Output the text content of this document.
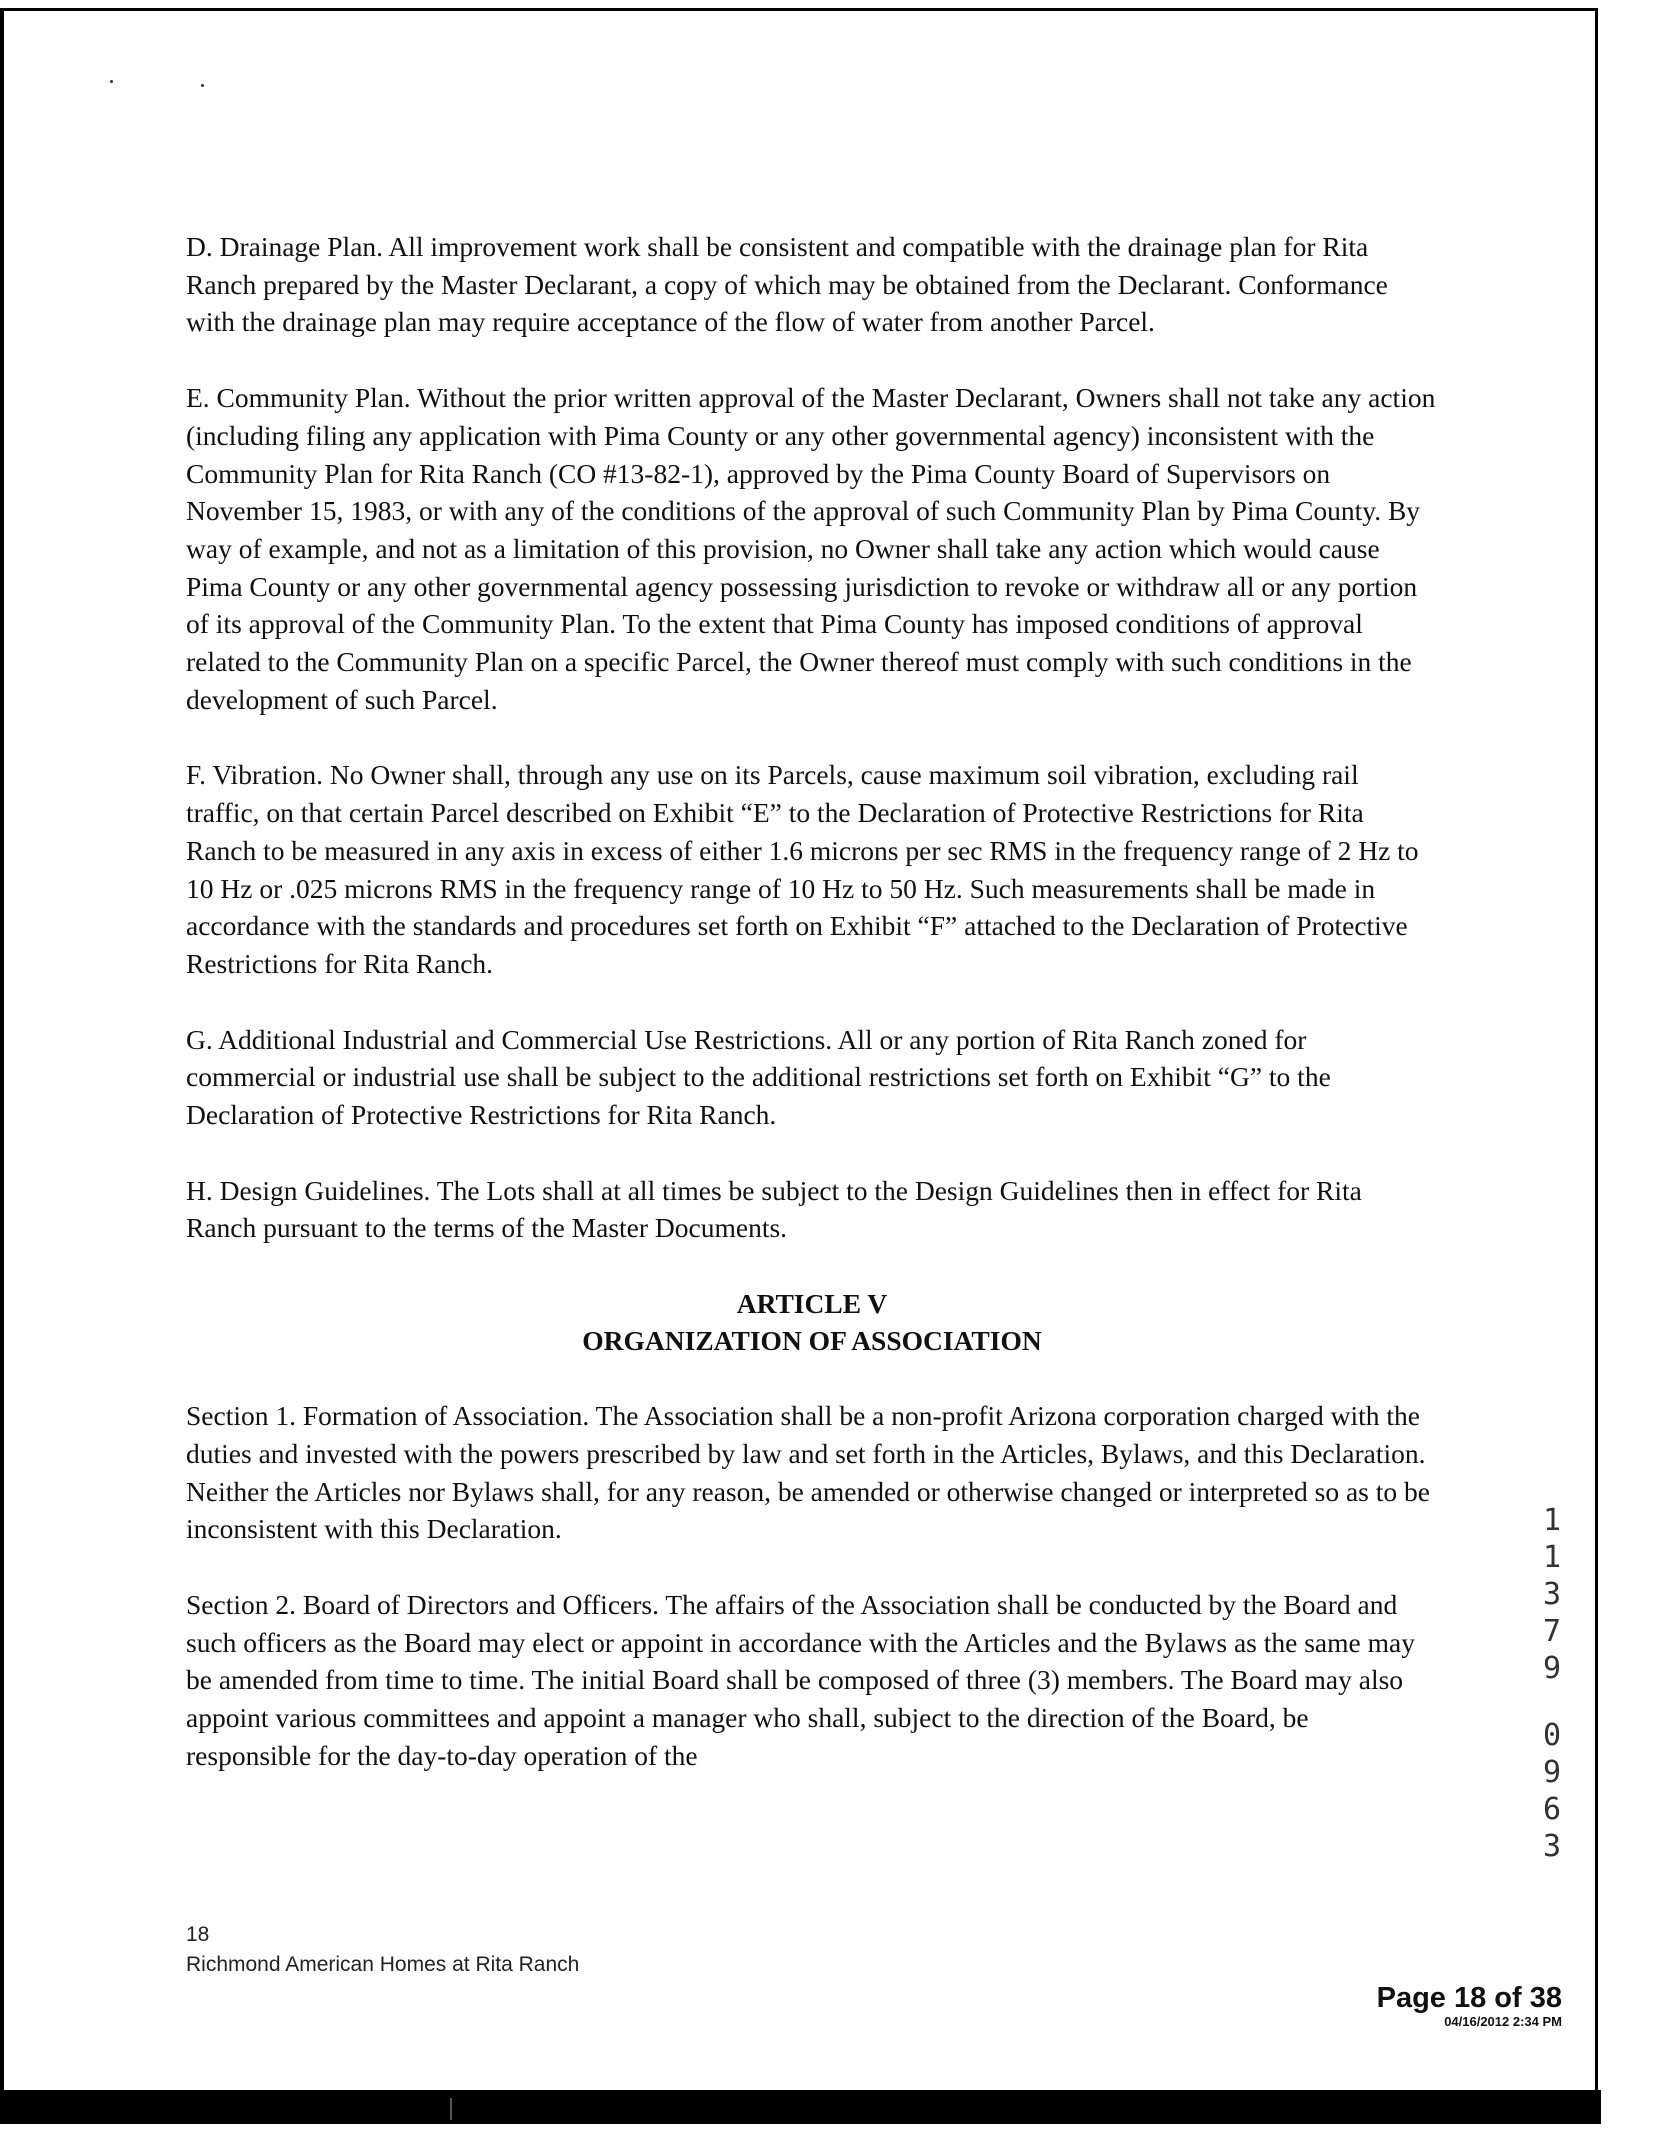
D. Drainage Plan. All improvement work shall be consistent and compatible with the drainage plan for Rita Ranch prepared by the Master Declarant, a copy of which may be obtained from the Declarant. Conformance with the drainage plan may require acceptance of the flow of water from another Parcel.

E. Community Plan. Without the prior written approval of the Master Declarant, Owners shall not take any action (including filing any application with Pima County or any other governmental agency) inconsistent with the Community Plan for Rita Ranch (CO #13-82-1), approved by the Pima County Board of Supervisors on November 15, 1983, or with any of the conditions of the approval of such Community Plan by Pima County. By way of example, and not as a limitation of this provision, no Owner shall take any action which would cause Pima County or any other governmental agency possessing jurisdiction to revoke or withdraw all or any portion of its approval of the Community Plan. To the extent that Pima County has imposed conditions of approval related to the Community Plan on a specific Parcel, the Owner thereof must comply with such conditions in the development of such Parcel.

F. Vibration. No Owner shall, through any use on its Parcels, cause maximum soil vibration, excluding rail traffic, on that certain Parcel described on Exhibit “E” to the Declaration of Protective Restrictions for Rita Ranch to be measured in any axis in excess of either 1.6 microns per sec RMS in the frequency range of 2 Hz to 10 Hz or .025 microns RMS in the frequency range of 10 Hz to 50 Hz. Such measurements shall be made in accordance with the standards and procedures set forth on Exhibit “F” attached to the Declaration of Protective Restrictions for Rita Ranch.

G. Additional Industrial and Commercial Use Restrictions. All or any portion of Rita Ranch zoned for commercial or industrial use shall be subject to the additional restrictions set forth on Exhibit “G” to the Declaration of Protective Restrictions for Rita Ranch.

H. Design Guidelines. The Lots shall at all times be subject to the Design Guidelines then in effect for Rita Ranch pursuant to the terms of the Master Documents.

ARTICLE V
ORGANIZATION OF ASSOCIATION

Section 1. Formation of Association. The Association shall be a non-profit Arizona corporation charged with the duties and invested with the powers prescribed by law and set forth in the Articles, Bylaws, and this Declaration. Neither the Articles nor Bylaws shall, for any reason, be amended or otherwise changed or interpreted so as to be inconsistent with this Declaration.

Section 2. Board of Directors and Officers. The affairs of the Association shall be conducted by the Board and such officers as the Board may elect or appoint in accordance with the Articles and the Bylaws as the same may be amended from time to time. The initial Board shall be composed of three (3) members. The Board may also appoint various committees and appoint a manager who shall, subject to the direction of the Board, be responsible for the day-to-day operation of the

18
Richmond American Homes at Rita Ranch
Page 18 of 38
04/16/2012 2:34 PM
1
1
3
7
9
0
9
6
3
